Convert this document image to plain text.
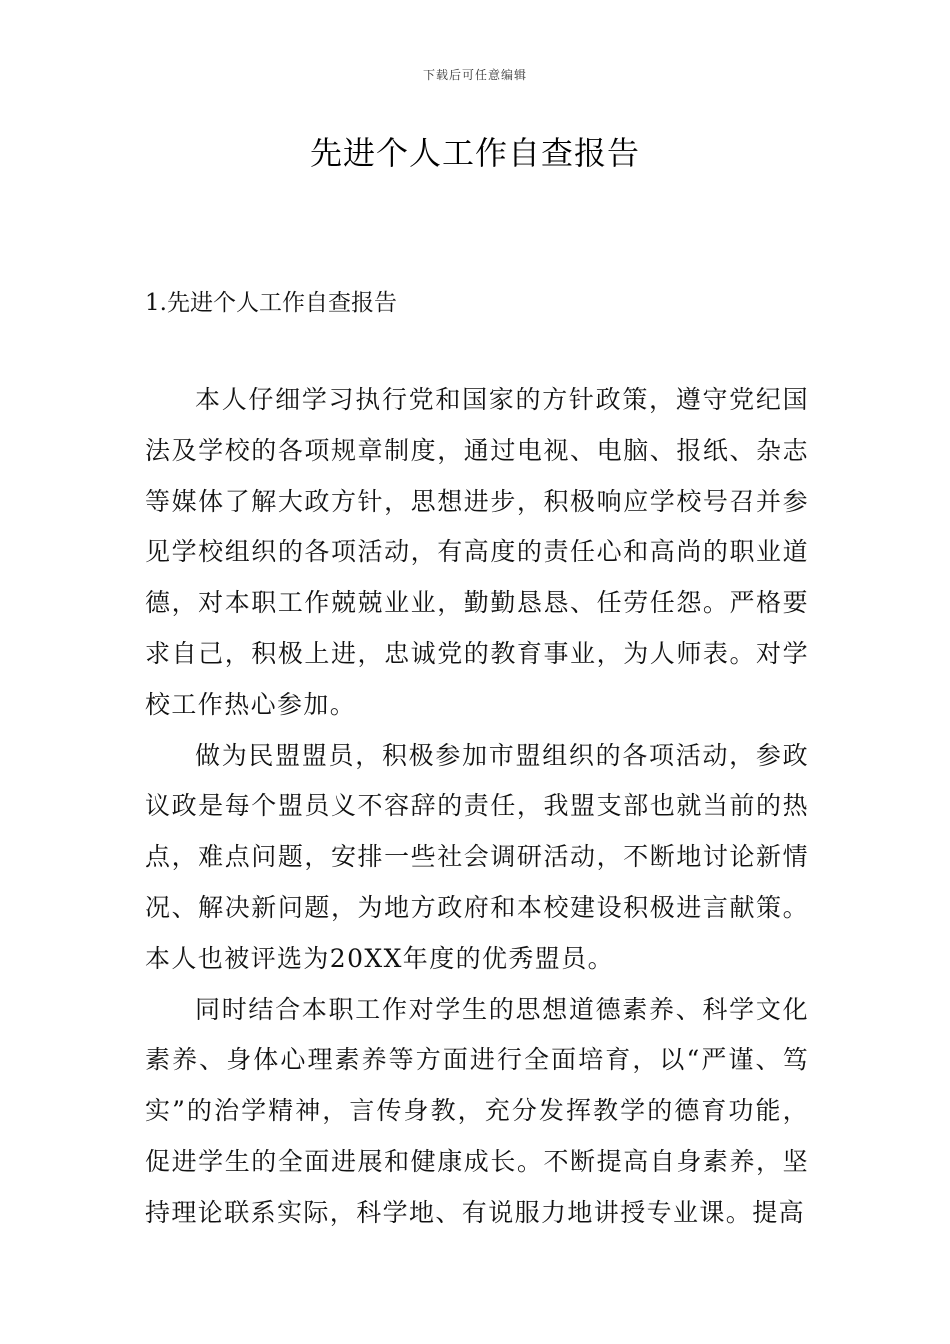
下载后可任意编辑
先进个人工作自查报告
1.先进个人工作自查报告

本人仔细学习执行党和国家的方针政策，遵守党纪国法及学校的各项规章制度，通过电视、电脑、报纸、杂志等媒体了解大政方针，思想进步，积极响应学校号召并参见学校组织的各项活动，有高度的责任心和高尚的职业道德，对本职工作兢兢业业，勤勤恳恳、任劳任怨。严格要求自己，积极上进，忠诚党的教育事业，为人师表。对学校工作热心参加。

做为民盟盟员，积极参加市盟组织的各项活动，参政议政是每个盟员义不容辞的责任，我盟支部也就当前的热点，难点问题，安排一些社会调研活动，不断地讨论新情况、解决新问题，为地方政府和本校建设积极进言献策。本人也被评选为20XX年度的优秀盟员。

同时结合本职工作对学生的思想道德素养、科学文化素养、身体心理素养等方面进行全面培育，以“严谨、笃实”的治学精神，言传身教，充分发挥教学的德育功能，促进学生的全面进展和健康成长。不断提高自身素养，坚持理论联系实际，科学地、有说服力地讲授专业课。提高
